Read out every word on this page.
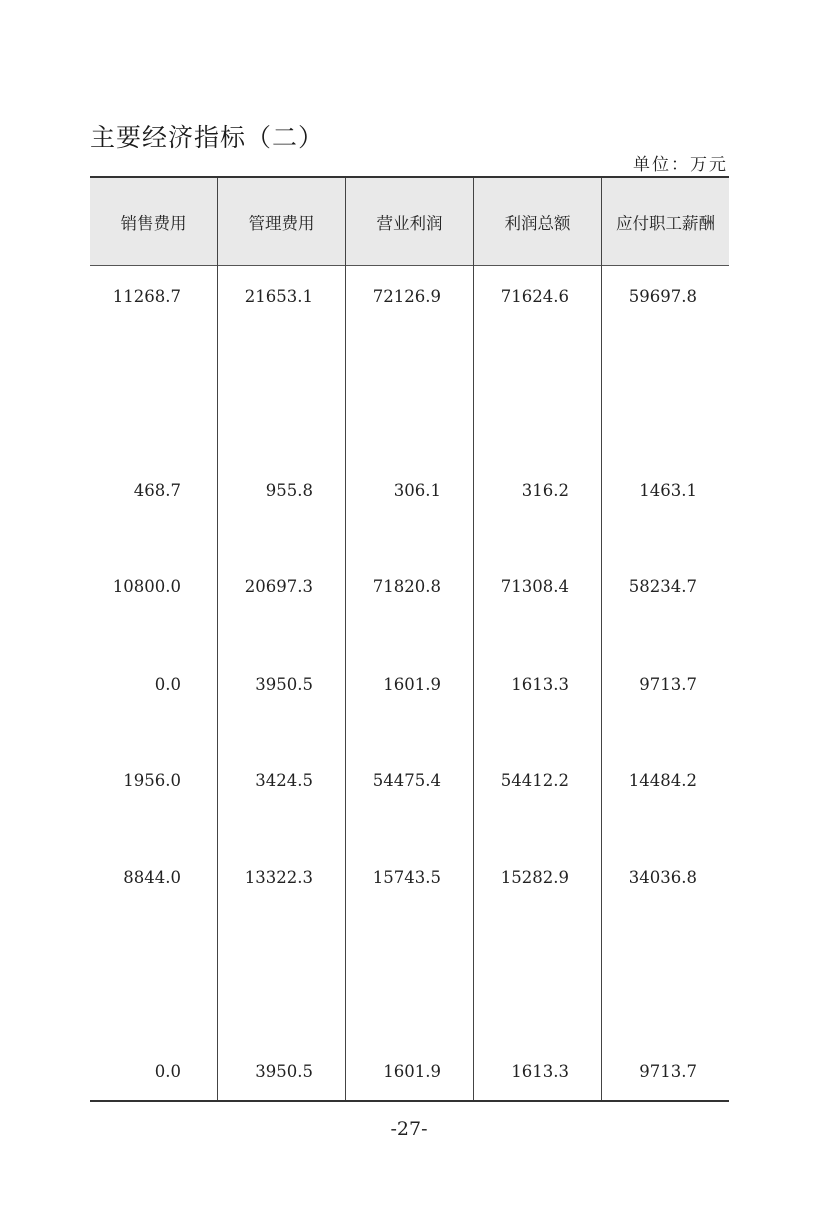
主要经济指标（二）
单位：万元
销售费用	管理费用	营业利润	利润总额	应付职工薪酬
11268.7	21653.1	72126.9	71624.6	59697.8
468.7	955.8	306.1	316.2	1463.1
10800.0	20697.3	71820.8	71308.4	58234.7
0.0	3950.5	1601.9	1613.3	9713.7
1956.0	3424.5	54475.4	54412.2	14484.2
8844.0	13322.3	15743.5	15282.9	34036.8
0.0	3950.5	1601.9	1613.3	9713.7
-27-
